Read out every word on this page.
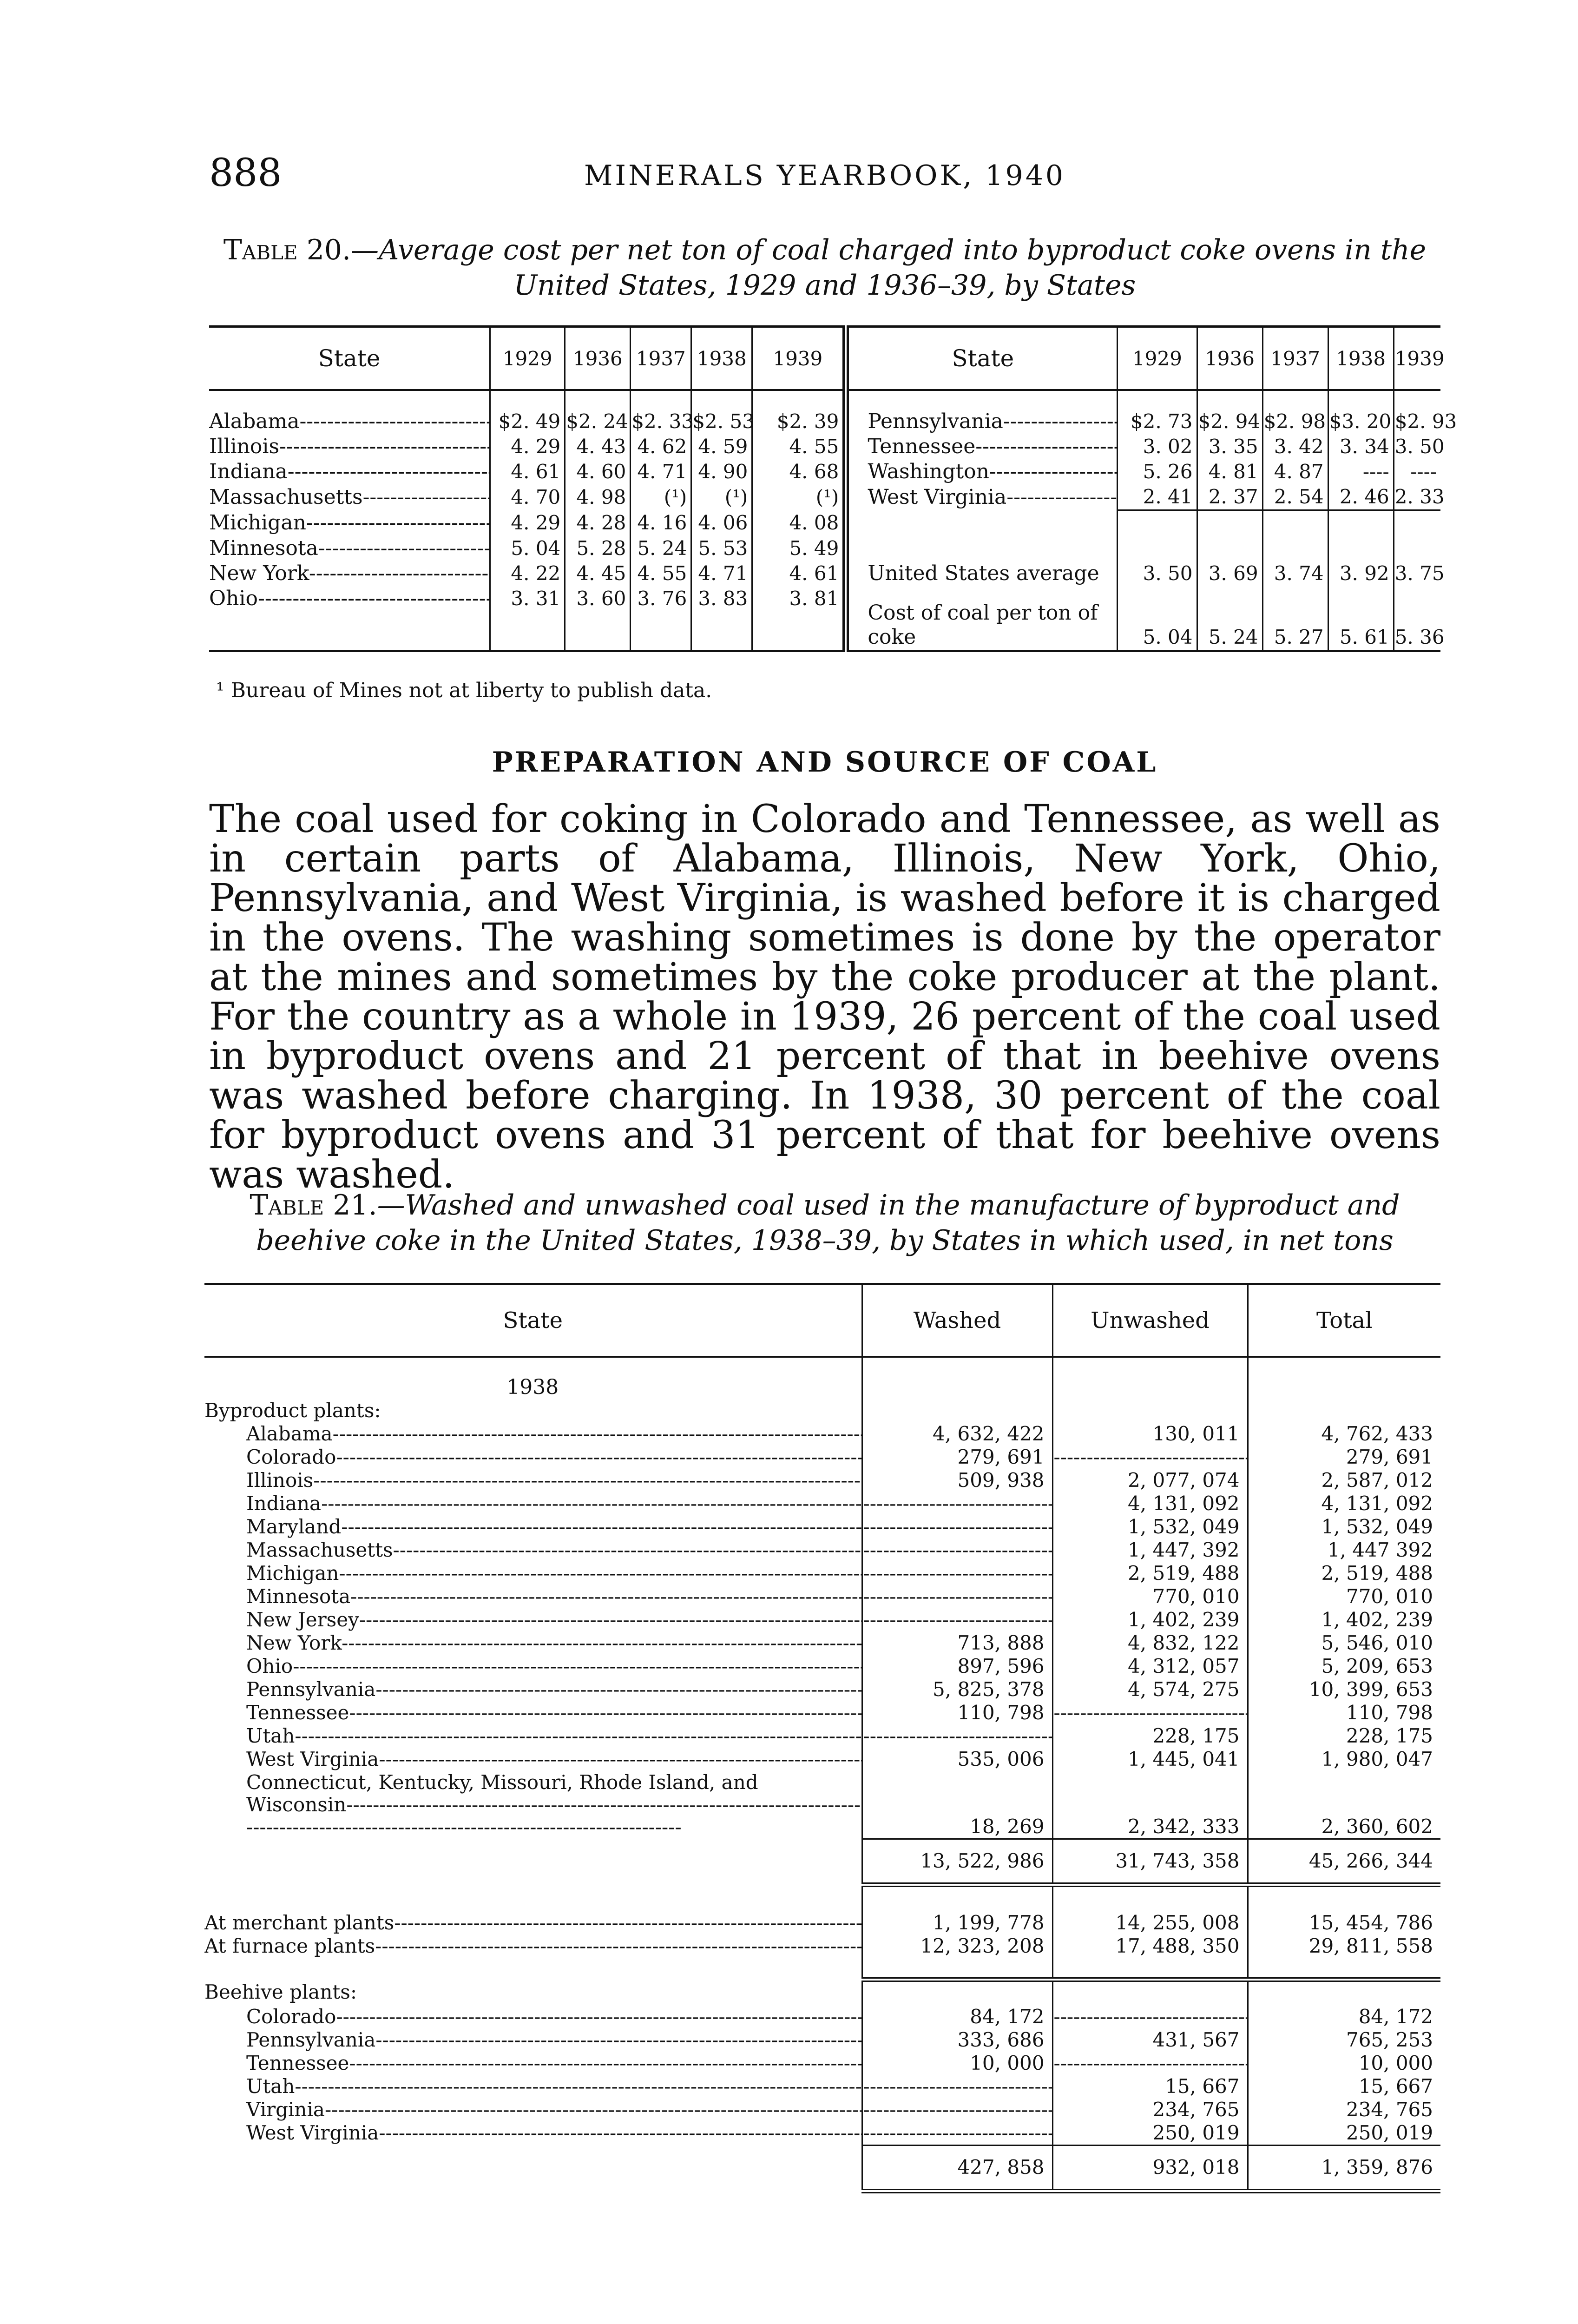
888	MINERALS YEARBOOK, 1940
Table 20.—Average cost per net ton of coal charged into byproduct coke ovens in the United States, 1929 and 1936–39, by States
State	1929	1936	1937	1938	1939	State	1929	1936	1937	1938	1939
Alabama -----	$2. 49	$2. 24	$2. 33	$2. 53	$2. 39	Pennsylvania -----	$2. 73	$2. 94	$2. 98	$3. 20	$2. 93
Illinois -----	4. 29	4. 43	4. 62	4. 59	4. 55	Tennessee -----	3. 02	3. 35	3. 42	3. 34	3. 50
Indiana -----	4. 61	4. 60	4. 71	4. 90	4. 68	Washington -----	5. 26	4. 81	4. 87	----	----
Massachusetts -----	4. 70	4. 98	(¹)	(¹)	(¹)	West Virginia -----	2. 41	2. 37	2. 54	2. 46	2. 33
Michigan -----	4. 29	4. 28	4. 16	4. 06	4. 08						
Minnesota -----	5. 04	5. 28	5. 24	5. 53	5. 49	United States average	3. 50	3. 69	3. 74	3. 92	3. 75
New York -----	4. 22	4. 45	4. 55	4. 71	4. 61						
Ohio -----	3. 31	3. 60	3. 76	3. 83	3. 81	Cost of coal per ton of coke	5. 04	5. 24	5. 27	5. 61	5. 36

¹ Bureau of Mines not at liberty to publish data.
PREPARATION AND SOURCE OF COAL
The coal used for coking in Colorado and Tennessee, as well as in certain parts of Alabama, Illinois, New York, Ohio, Pennsylvania, and West Virginia, is washed before it is charged in the ovens. The washing sometimes is done by the operator at the mines and sometimes by the coke producer at the plant. For the country as a whole in 1939, 26 percent of the coal used in byproduct ovens and 21 percent of that in beehive ovens was washed before charging. In 1938, 30 percent of the coal for byproduct ovens and 31 percent of that for beehive ovens was washed.
Table 21.—Washed and unwashed coal used in the manufacture of byproduct and beehive coke in the United States, 1938–39, by States in which used, in net tons
State	Washed	Unwashed	Total
1938			
Byproduct plants:			
Alabama -----	4, 632, 422	130, 011	4, 762, 433
Colorado -----	279, 691	-----	279, 691
Illinois -----	509, 938	2, 077, 074	2, 587, 012
Indiana -----	-----	4, 131, 092	4, 131, 092
Maryland -----	-----	1, 532, 049	1, 532, 049
Massachusetts -----	-----	1, 447, 392	1, 447 392
Michigan -----	-----	2, 519, 488	2, 519, 488
Minnesota -----	-----	770, 010	770, 010
New Jersey -----	-----	1, 402, 239	1, 402, 239
New York -----	713, 888	4, 832, 122	5, 546, 010
Ohio -----	897, 596	4, 312, 057	5, 209, 653
Pennsylvania -----	5, 825, 378	4, 574, 275	10, 399, 653
Tennessee -----	110, 798	-----	110, 798
Utah -----	-----	228, 175	228, 175
West Virginia -----	535, 006	1, 445, 041	1, 980, 047
Connecticut, Kentucky, Missouri, Rhode Island, and Wisconsin -----	18, 269	2, 342, 333	2, 360, 602
	13, 522, 986	31, 743, 358	45, 266, 344

At merchant plants -----	1, 199, 778	14, 255, 008	15, 454, 786
At furnace plants -----	12, 323, 208	17, 488, 350	29, 811, 558
Beehive plants:			
Colorado -----	84, 172	-----	84, 172
Pennsylvania -----	333, 686	431, 567	765, 253
Tennessee -----	10, 000	-----	10, 000
Utah -----	-----	15, 667	15, 667
Virginia -----	-----	234, 765	234, 765
West Virginia -----	-----	250, 019	250, 019
	427, 858	932, 018	1, 359, 876
